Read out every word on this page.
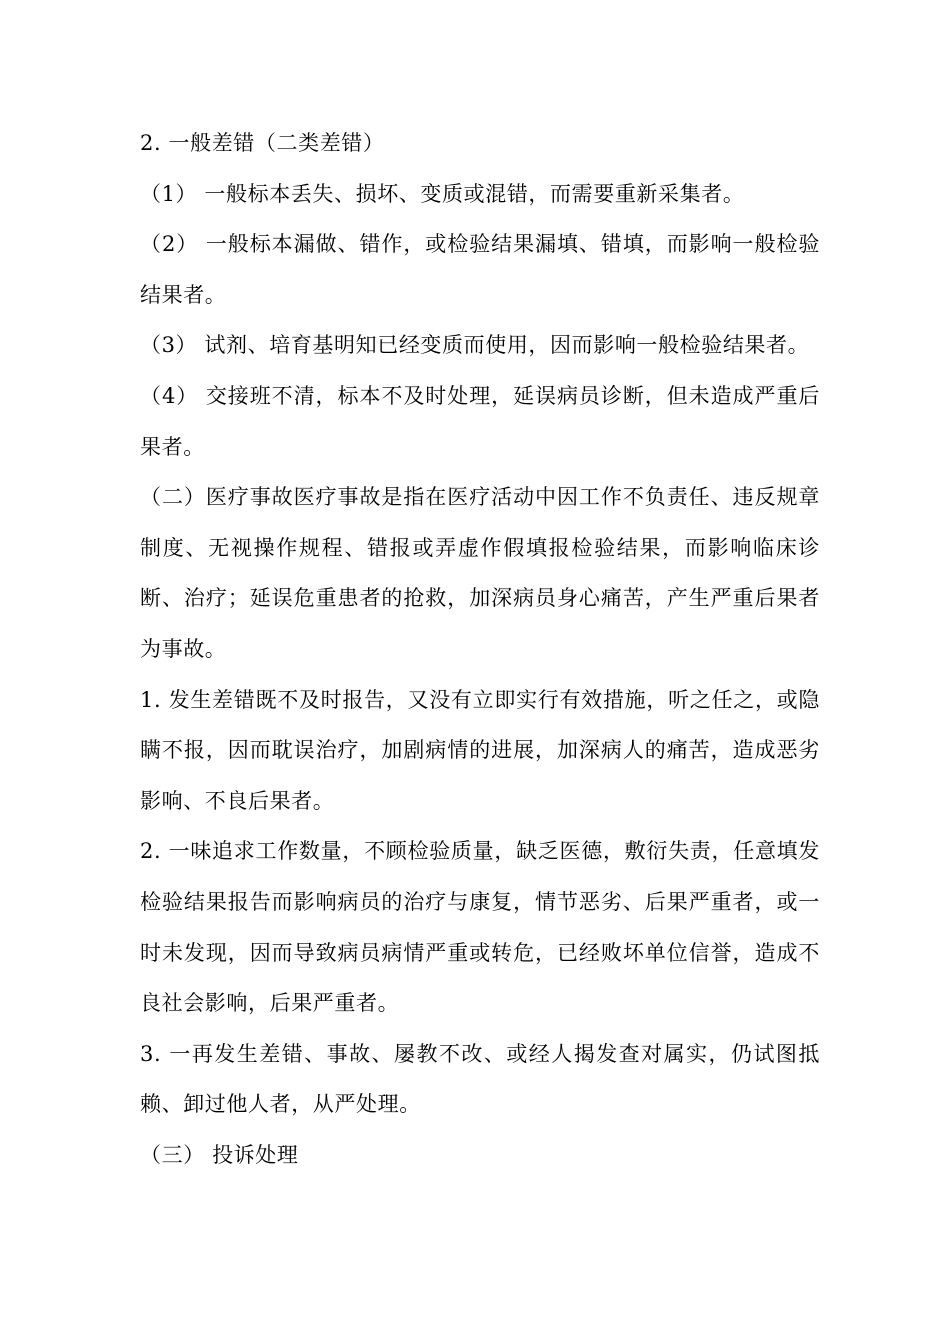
2. 一般差错（二类差错）

（1） 一般标本丢失、损坏、变质或混错，而需要重新采集者。

（2） 一般标本漏做、错作，或检验结果漏填、错填，而影响一般检验结果者。

（3） 试剂、培育基明知已经变质而使用，因而影响一般检验结果者。

（4） 交接班不清，标本不及时处理，延误病员诊断，但未造成严重后果者。

（二）医疗事故医疗事故是指在医疗活动中因工作不负责任、违反规章制度、无视操作规程、错报或弄虚作假填报检验结果，而影响临床诊断、治疗；延误危重患者的抢救，加深病员身心痛苦，产生严重后果者为事故。

1. 发生差错既不及时报告，又没有立即实行有效措施，听之任之，或隐瞒不报，因而耽误治疗，加剧病情的进展，加深病人的痛苦，造成恶劣影响、不良后果者。

2. 一味追求工作数量，不顾检验质量，缺乏医德，敷衍失责，任意填发检验结果报告而影响病员的治疗与康复，情节恶劣、后果严重者，或一时未发现，因而导致病员病情严重或转危，已经败坏单位信誉，造成不良社会影响，后果严重者。

3. 一再发生差错、事故、屡教不改、或经人揭发查对属实，仍试图抵赖、卸过他人者，从严处理。

（三） 投诉处理
